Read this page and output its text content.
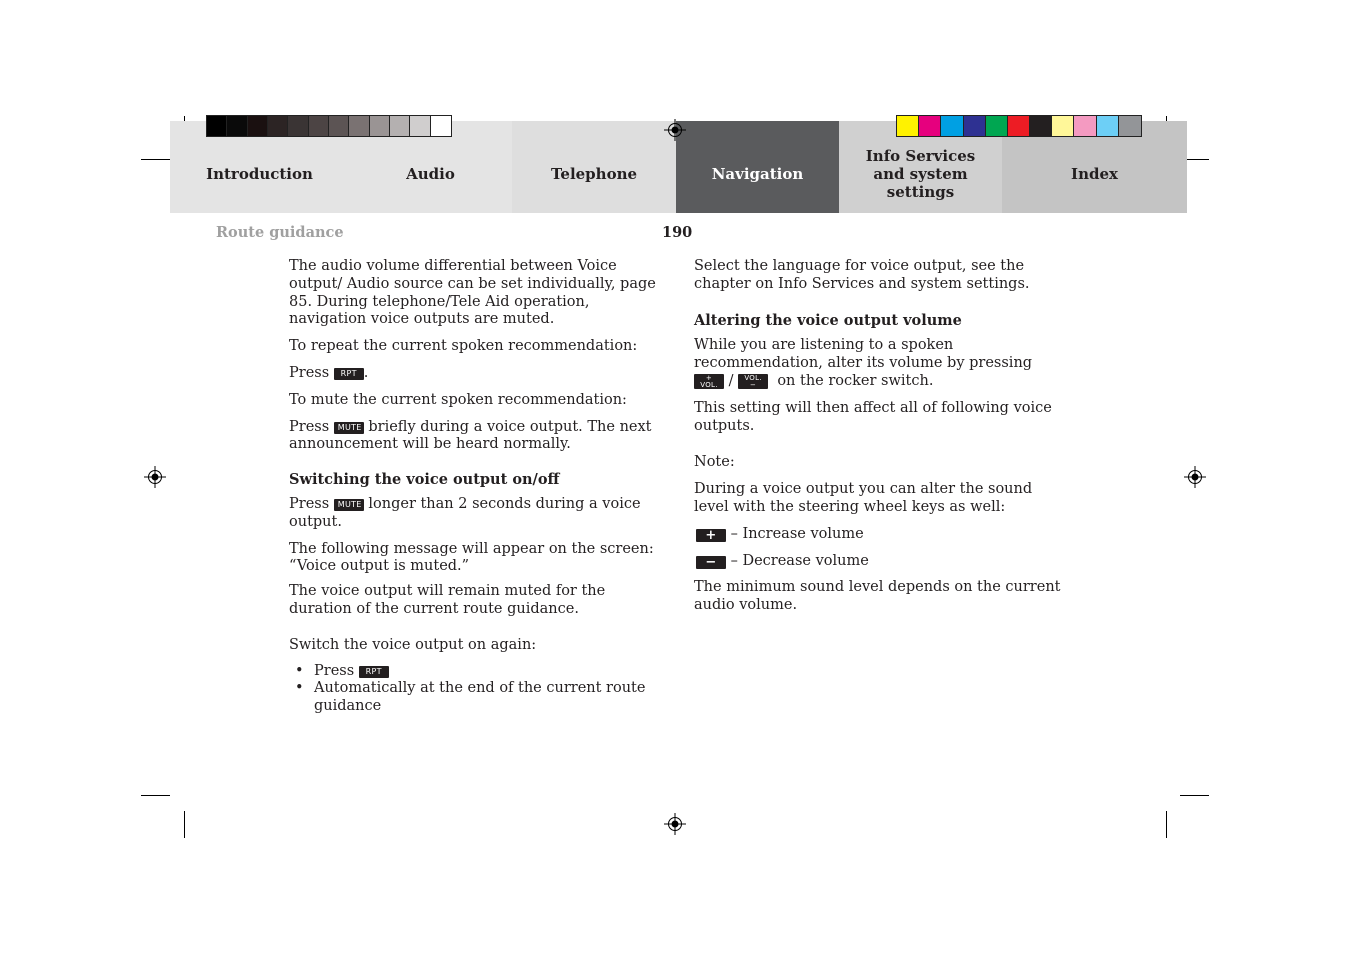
Introduction	Audio	Telephone	Navigation
Info Services and system settings
Index
Route guidance	190

The audio volume differential between Voice output/ Audio source can be set individually, page 85. During telephone/Tele Aid operation, navigation voice outputs are muted.

To repeat the current spoken recommendation:

Press RPT .

To mute the current spoken recommendation:

Press MUTE briefly during a voice output. The next announcement will be heard normally.

Switching the voice output on/off

Press MUTE longer than 2 seconds during a voice output.

The following message will appear on the screen: “Voice output is muted.”

The voice output will remain muted for the duration of the current route guidance.

Switch the voice output on again:

• Press RPT
• Automatically at the end of the current route guidance

Select the language for voice output, see the chapter on Info Services and system settings.

Altering the voice output volume

While you are listening to a spoken recommendation, alter its volume by pressing +
VOL. / VOL.
− on the rocker switch.

This setting will then affect all of following voice outputs.

Note:

During a voice output you can alter the sound level with the steering wheel keys as well:

+ – Increase volume

− – Decrease volume

The minimum sound level depends on the current audio volume.
